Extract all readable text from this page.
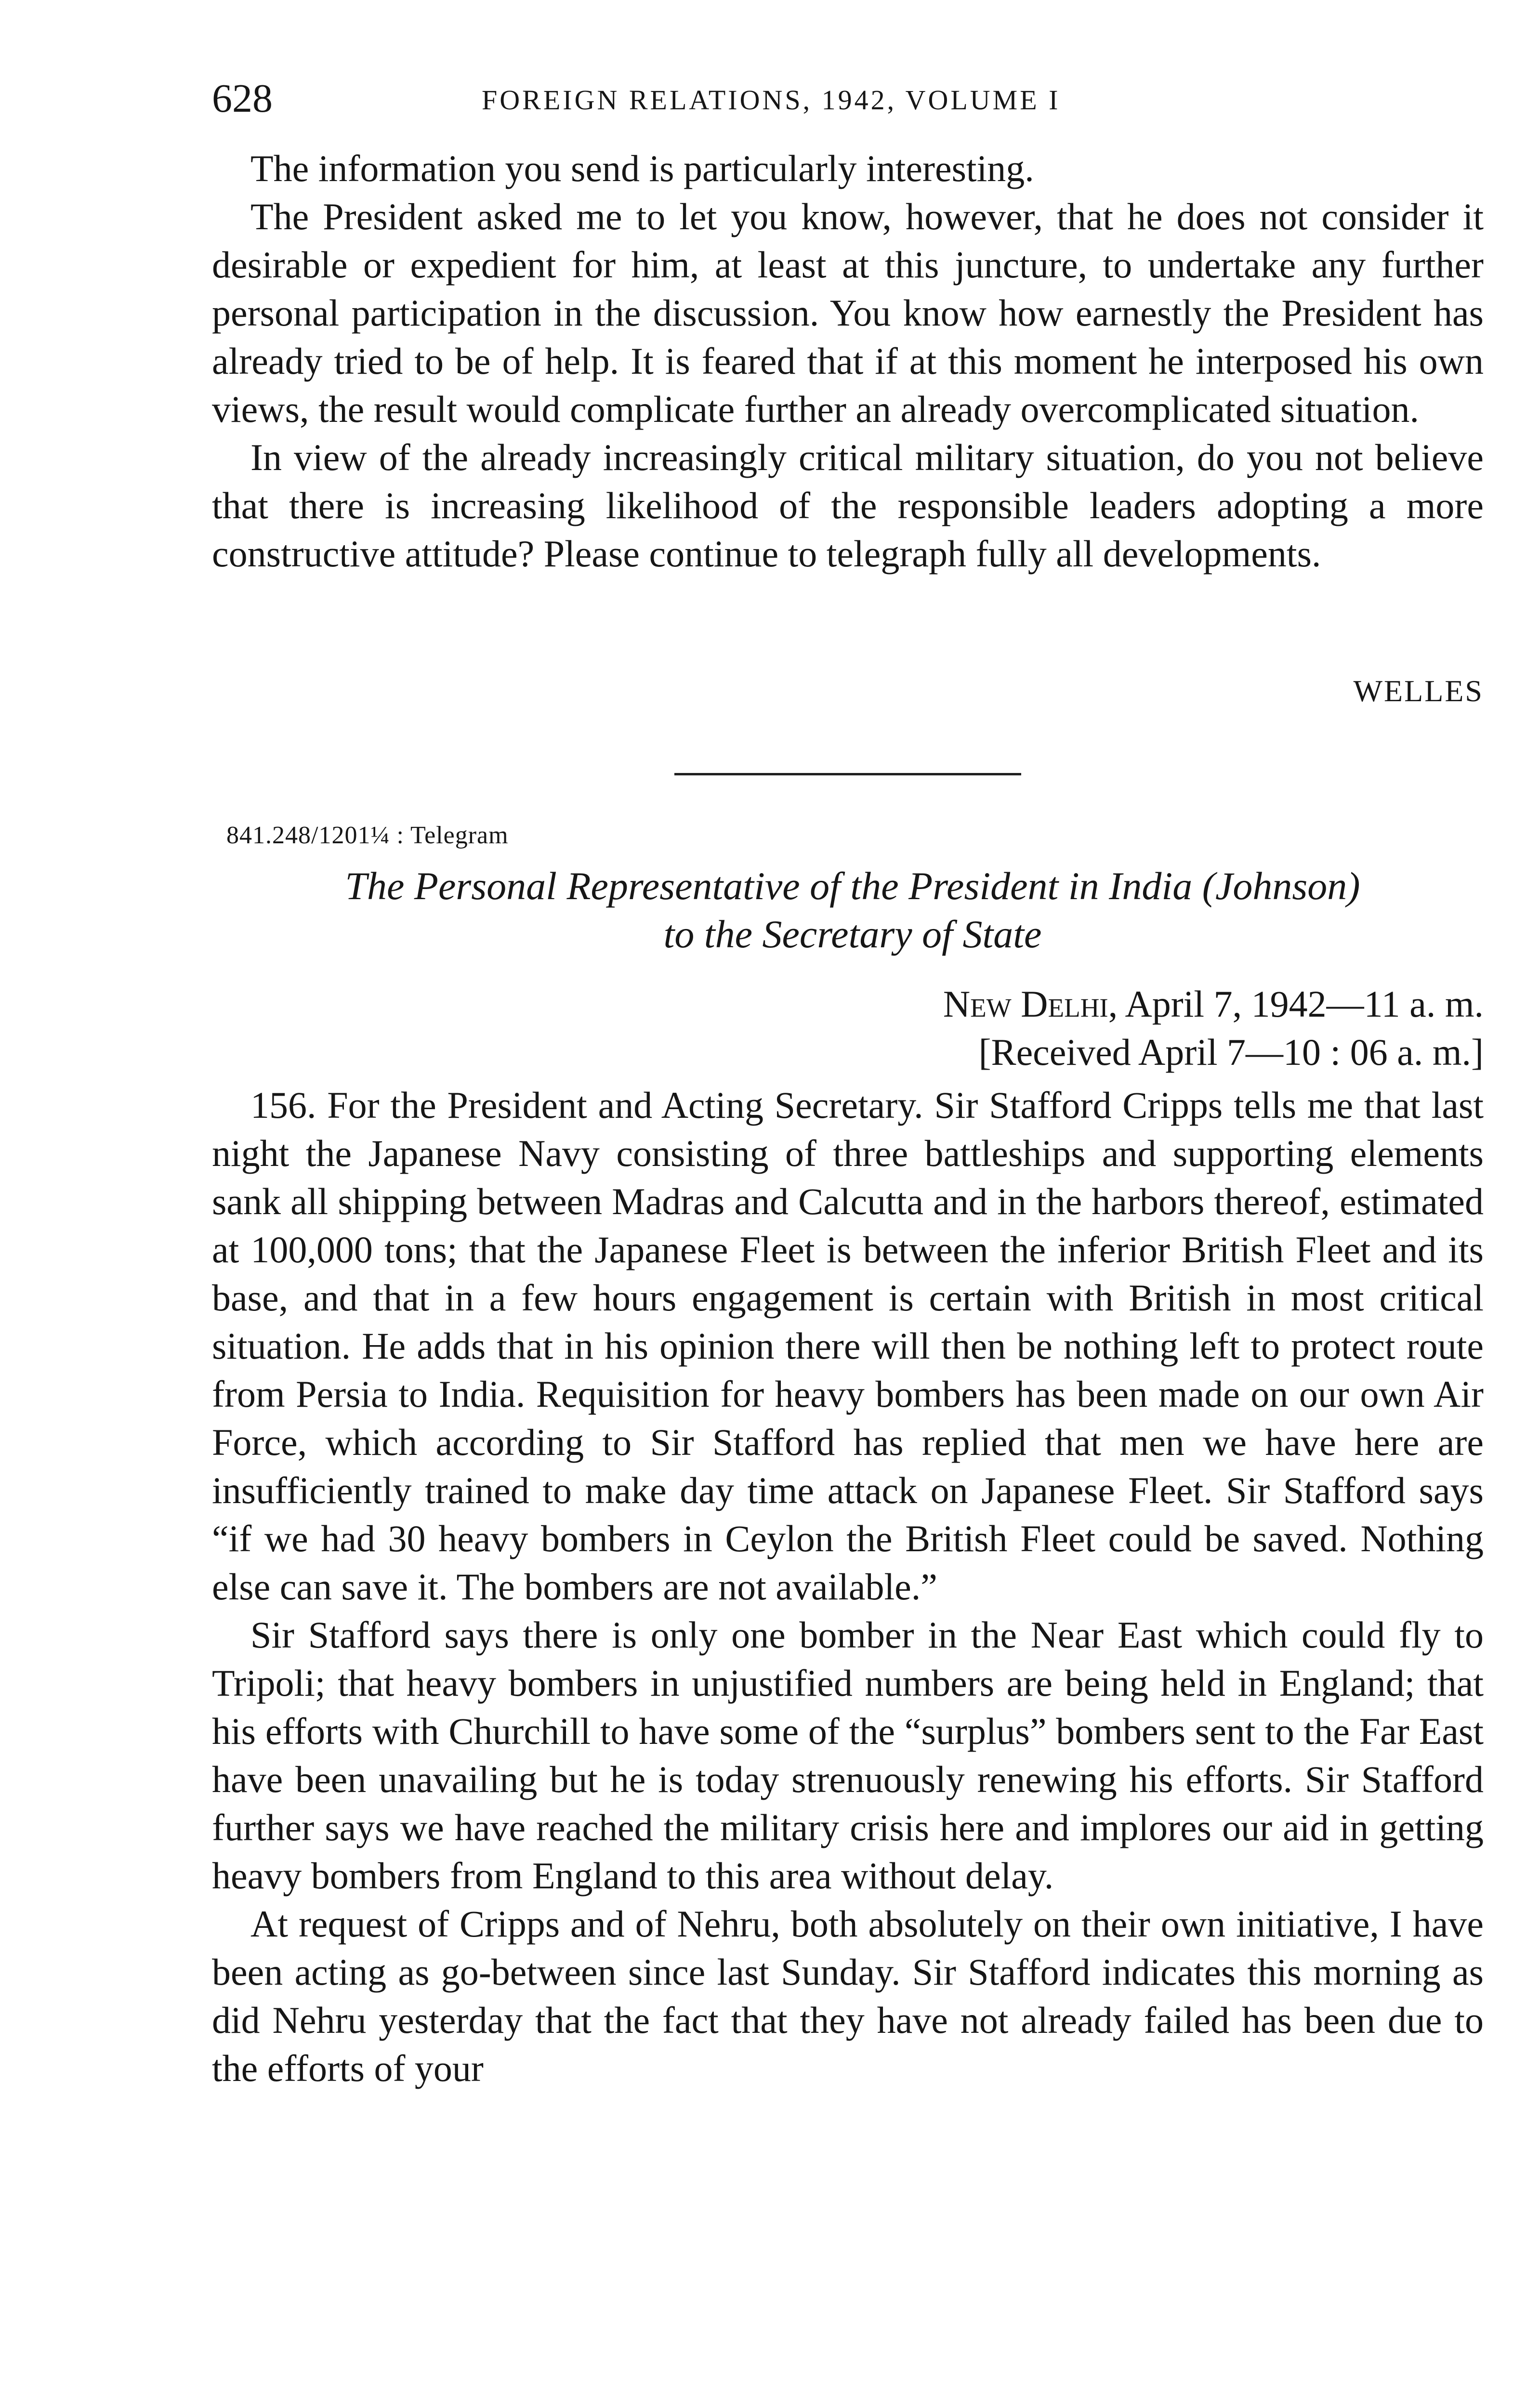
628	FOREIGN RELATIONS, 1942, VOLUME I

The information you send is particularly interesting.

The President asked me to let you know, however, that he does not consider it desirable or expedient for him, at least at this juncture, to undertake any further personal participation in the discussion. You know how earnestly the President has already tried to be of help. It is feared that if at this moment he interposed his own views, the result would complicate further an already overcomplicated situation.

In view of the already increasingly critical military situation, do you not believe that there is increasing likelihood of the responsible leaders adopting a more constructive attitude? Please continue to telegraph fully all developments.

WELLES
841.248/1201¼ : Telegram
The Personal Representative of the President in India (Johnson)
to the Secretary of State
New Delhi, April 7, 1942—11 a. m.
[Received April 7—10 : 06 a. m.]

156. For the President and Acting Secretary. Sir Stafford Cripps tells me that last night the Japanese Navy consisting of three battleships and supporting elements sank all shipping between Madras and Calcutta and in the harbors thereof, estimated at 100,000 tons; that the Japanese Fleet is between the inferior British Fleet and its base, and that in a few hours engagement is certain with British in most critical situation. He adds that in his opinion there will then be nothing left to protect route from Persia to India. Requisition for heavy bombers has been made on our own Air Force, which according to Sir Stafford has replied that men we have here are insufficiently trained to make day time attack on Japanese Fleet. Sir Stafford says “if we had 30 heavy bombers in Ceylon the British Fleet could be saved. Nothing else can save it. The bombers are not available.”

Sir Stafford says there is only one bomber in the Near East which could fly to Tripoli; that heavy bombers in unjustified numbers are being held in England; that his efforts with Churchill to have some of the “surplus” bombers sent to the Far East have been unavailing but he is today strenuously renewing his efforts. Sir Stafford further says we have reached the military crisis here and implores our aid in getting heavy bombers from England to this area without delay.

At request of Cripps and of Nehru, both absolutely on their own initiative, I have been acting as go-between since last Sunday. Sir Stafford indicates this morning as did Nehru yesterday that the fact that they have not already failed has been due to the efforts of your
